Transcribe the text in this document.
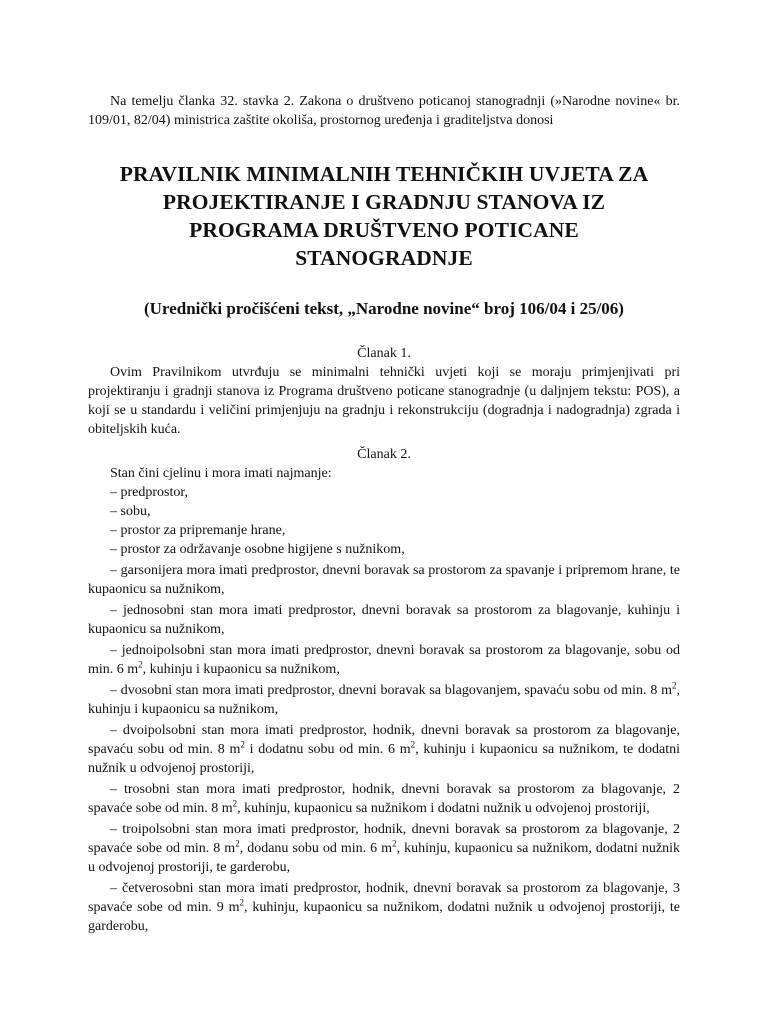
Na temelju članka 32. stavka 2. Zakona o društveno poticanoj stanogradnji (»Narodne novine« br. 109/01, 82/04) ministrica zaštite okoliša, prostornog uređenja i graditeljstva donosi

PRAVILNIK MINIMALNIH TEHNIČKIH UVJETA ZA
PROJEKTIRANJE I GRADNJU STANOVA IZ
PROGRAMA DRUŠTVENO POTICANE
STANOGRADNJE

(Urednički pročišćeni tekst, „Narodne novine“ broj 106/04 i 25/06)

Članak 1.

Ovim Pravilnikom utvrđuju se minimalni tehnički uvjeti koji se moraju primjenjivati pri projektiranju i gradnji stanova iz Programa društveno poticane stanogradnje (u daljnjem tekstu: POS), a koji se u standardu i veličini primjenjuju na gradnju i rekonstrukciju (dogradnja i nadogradnja) zgrada i obiteljskih kuća.

Članak 2.

Stan čini cjelinu i mora imati najmanje:

– predprostor,
– sobu,
– prostor za pripremanje hrane,
– prostor za održavanje osobne higijene s nužnikom,
– garsonijera mora imati predprostor, dnevni boravak sa prostorom za spavanje i pripremom hrane, te kupaonicu sa nužnikom,
– jednosobni stan mora imati predprostor, dnevni boravak sa prostorom za blagovanje, kuhinju i kupaonicu sa nužnikom,
– jednoipolsobni stan mora imati predprostor, dnevni boravak sa prostorom za blagovanje, sobu od min. 6 $m^2$, kuhinju i kupaonicu sa nužnikom,
– dvosobni stan mora imati predprostor, dnevni boravak sa blagovanjem, spavaću sobu od min. 8 $m^2$, kuhinju i kupaonicu sa nužnikom,
– dvoipolsobni stan mora imati predprostor, hodnik, dnevni boravak sa prostorom za blagovanje, spavaću sobu od min. 8 $m^2$ i dodatnu sobu od min. 6 $m^2$, kuhinju i kupaonicu sa nužnikom, te dodatni nužnik u odvojenoj prostoriji,
– trosobni stan mora imati predprostor, hodnik, dnevni boravak sa prostorom za blagovanje, 2 spavaće sobe od min. 8 $m^2$, kuhinju, kupaonicu sa nužnikom i dodatni nužnik u odvojenoj prostoriji,
– troipolsobni stan mora imati predprostor, hodnik, dnevni boravak sa prostorom za blagovanje, 2 spavaće sobe od min. 8 $m^2$, dodanu sobu od min. 6 $m^2$, kuhinju, kupaonicu sa nužnikom, dodatni nužnik u odvojenoj prostoriji, te garderobu,
– četverosobni stan mora imati predprostor, hodnik, dnevni boravak sa prostorom za blagovanje, 3 spavaće sobe od min. 9 $m^2$, kuhinju, kupaonicu sa nužnikom, dodatni nužnik u odvojenoj prostoriji, te garderobu,
